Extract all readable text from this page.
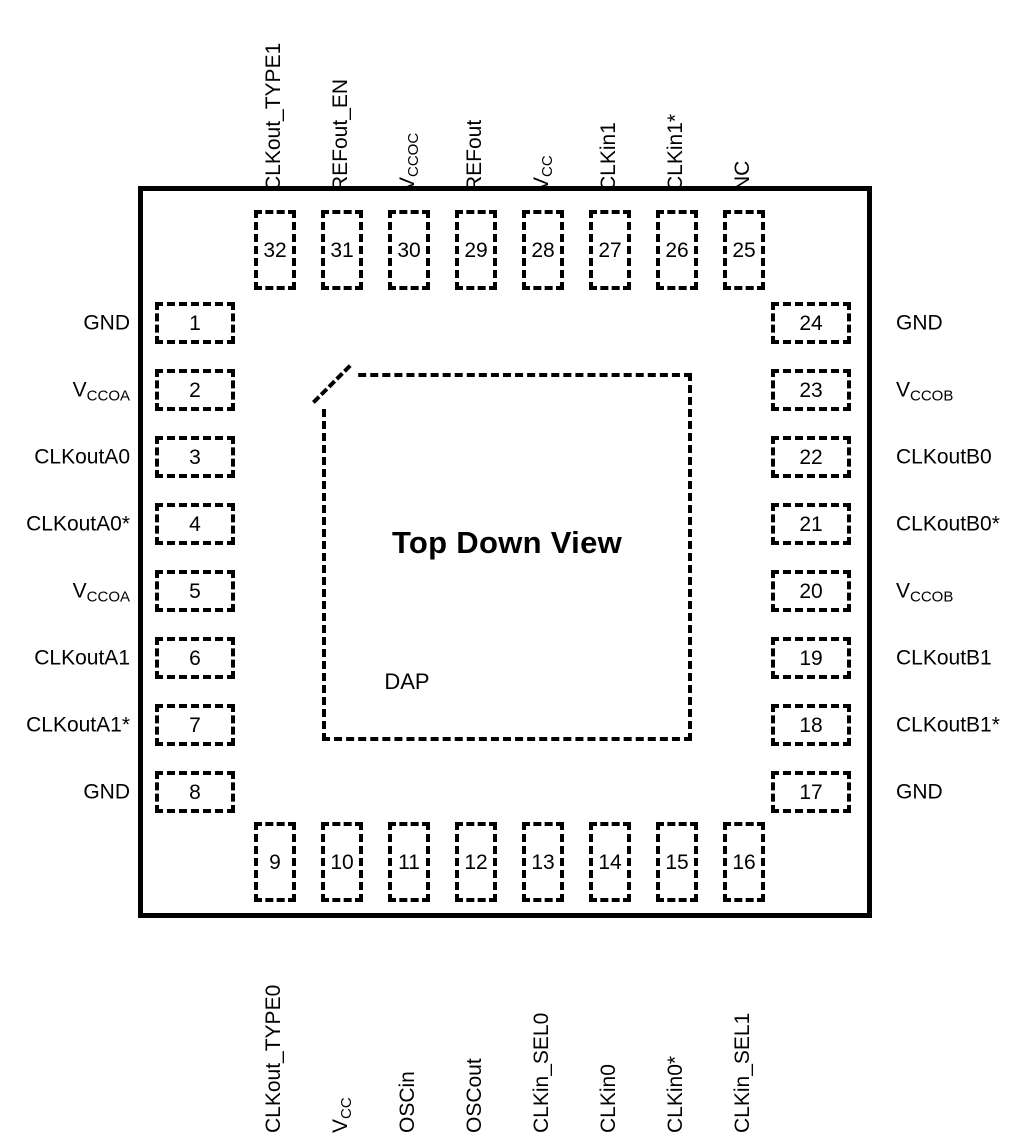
Top Down View
DAP
1
2
3
4
5
6
7
8	17
18
19
20
21
22
23
24
25
26
27
28
29
30
31
32
9 10 11 12 13 14 15 16
GND
$V_{CCOA}$
CLKoutA0
CLKoutA0*
$V_{CCOA}$
CLKoutA1
CLKoutA1*
GND	GND
CLKoutB1*
CLKoutB1
$V_{CCOB}$
CLKoutB0*
CLKoutB0
$V_{CCOB}$
GND
NC
CLKin1*
CLKin1
$V_{CC}$
REFout
$V_{CCOC}$
REFout_EN
CLKout_TYPE1
CLKout_TYPE0 $V_{CC}$ OSCin OSCout CLKin_SEL0 CLKin0 CLKin0* CLKin_SEL1
